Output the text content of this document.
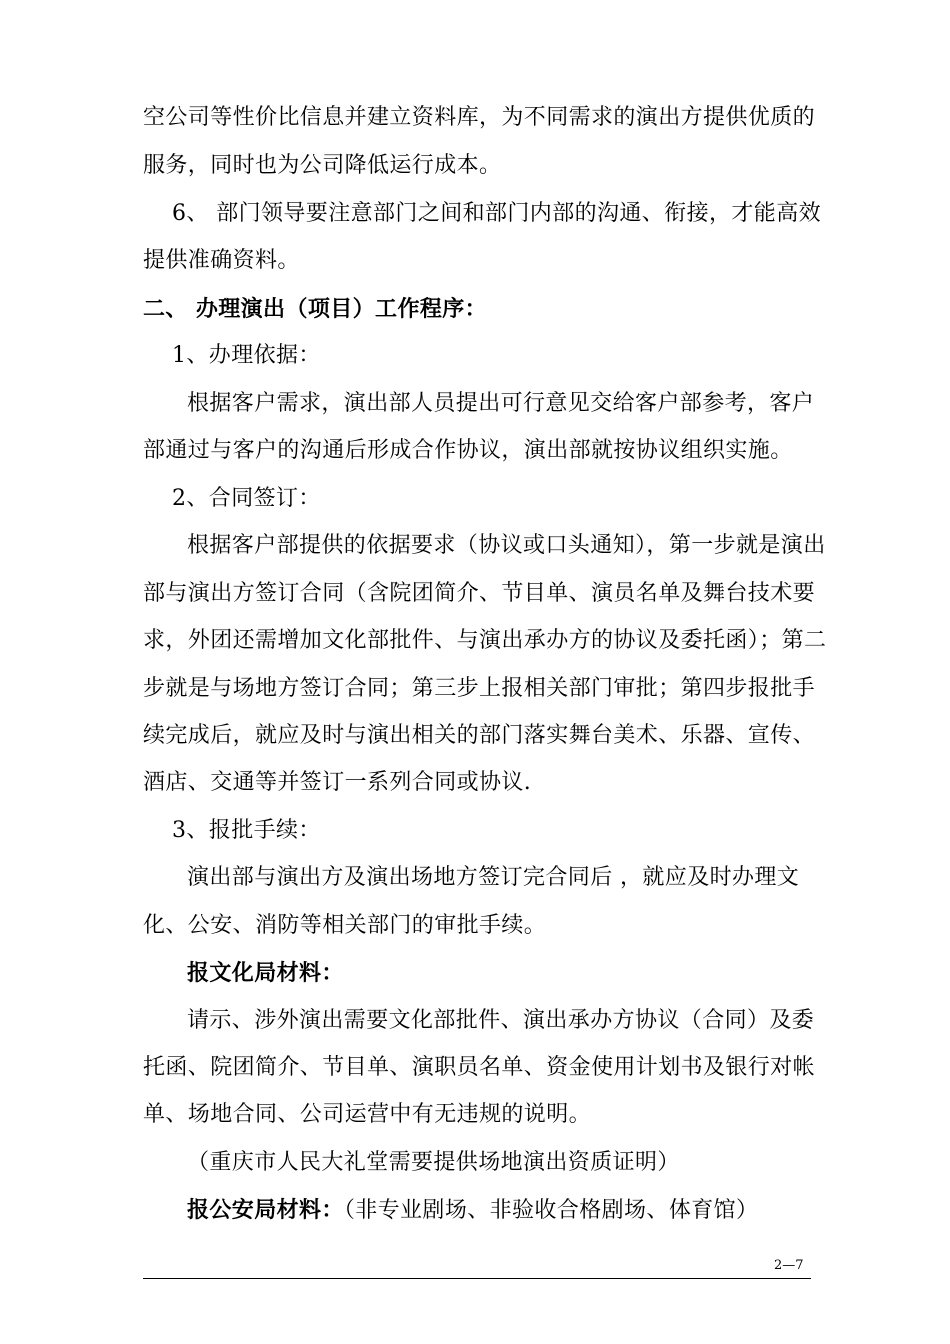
空公司等性价比信息并建立资料库，为不同需求的演出方提供优质的
服务，同时也为公司降低运行成本。
6、 部门领导要注意部门之间和部门内部的沟通、衔接，才能高效
提供准确资料。
二、 办理演出（项目）工作程序：
1、办理依据：
根据客户需求，演出部人员提出可行意见交给客户部参考，客户
部通过与客户的沟通后形成合作协议，演出部就按协议组织实施。
2、合同签订：
根据客户部提供的依据要求（协议或口头通知），第一步就是演出
部与演出方签订合同（含院团简介、节目单、演员名单及舞台技术要
求，外团还需增加文化部批件、与演出承办方的协议及委托函）；第二
步就是与场地方签订合同；第三步上报相关部门审批；第四步报批手
续完成后，就应及时与演出相关的部门落实舞台美术、乐器、宣传、
酒店、交通等并签订一系列合同或协议.
3、报批手续：
演出部与演出方及演出场地方签订完合同后 ，就应及时办理文
化、公安、消防等相关部门的审批手续。
报文化局材料：
请示、涉外演出需要文化部批件、演出承办方协议（合同）及委
托函、院团简介、节目单、演职员名单、资金使用计划书及银行对帐
单、场地合同、公司运营中有无违规的说明。
（重庆市人民大礼堂需要提供场地演出资质证明）
报公安局材料：（非专业剧场、非验收合格剧场、体育馆）
2—7
